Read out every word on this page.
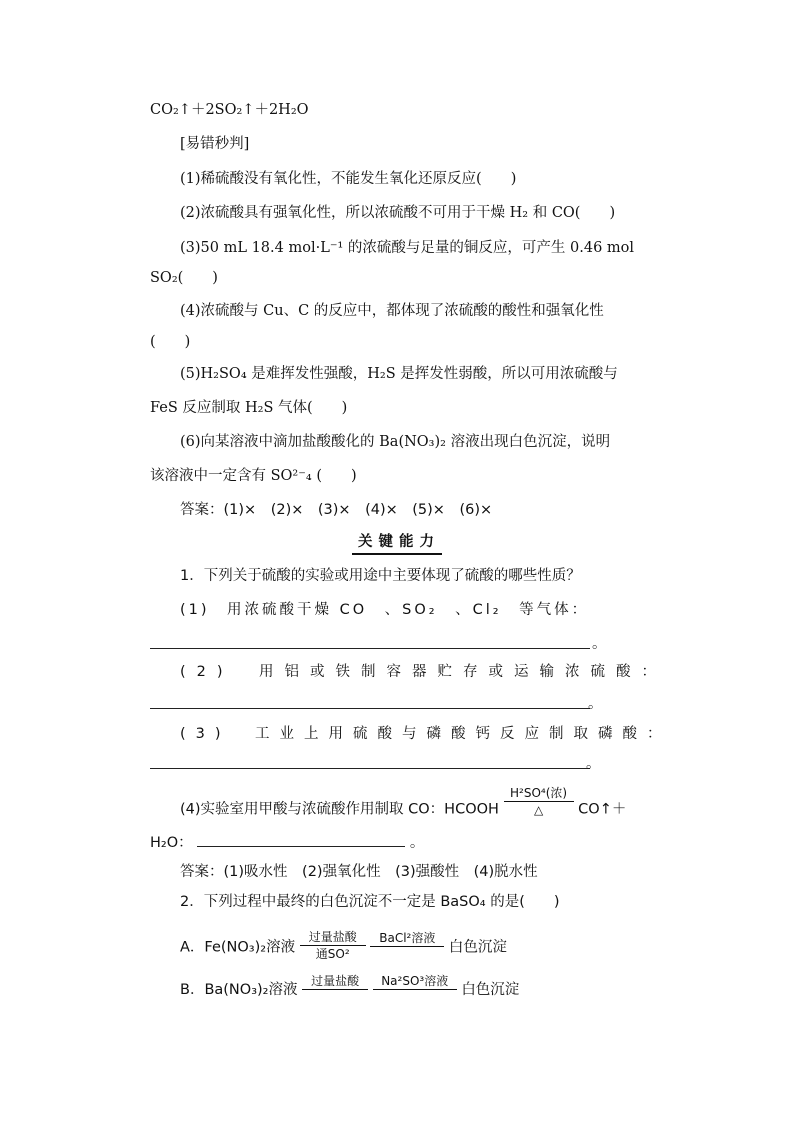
CO₂↑＋2SO₂↑＋2H₂O
[易错秒判]
(1)稀硫酸没有氧化性，不能发生氧化还原反应(　　)
(2)浓硫酸具有强氧化性，所以浓硫酸不可用于干燥 H₂ 和 CO(　　)
(3)50 mL 18.4 mol·L⁻¹ 的浓硫酸与足量的铜反应，可产生 0.46 mol
SO₂(　　)
(4)浓硫酸与 Cu、C 的反应中，都体现了浓硫酸的酸性和强氧化性
(　　)
(5)H₂SO₄ 是难挥发性强酸，H₂S 是挥发性弱酸，所以可用浓硫酸与
FeS 反应制取 H₂S 气体(　　)
(6)向某溶液中滴加盐酸酸化的 Ba(NO₃)₂ 溶液出现白色沉淀，说明
该溶液中一定含有 SO²⁻₄ (　　)
答案：(1)×　(2)×　(3)×　(4)×　(5)×　(6)×
关键能力
1．下列关于硫酸的实验或用途中主要体现了硫酸的哪些性质？
(1)　用浓硫酸干燥 CO　、SO₂　、Cl₂　等气体：
。
(2)　用铝或铁制容器贮存或运输浓硫酸：
。
(3)　工业上用硫酸与磷酸钙反应制取磷酸：
。
(4)实验室用甲酸与浓硫酸作用制取 CO：HCOOH
H²SO⁴(浓)
△	CO↑＋
H₂O：	。
答案：(1)吸水性　(2)强氧化性　(3)强酸性　(4)脱水性
2．下列过程中最终的白色沉淀不一定是 BaSO₄ 的是(　　)
A．Fe(NO₃)₂溶液
过量盐酸
通SO²

BaCl²溶液
白色沉淀
B．Ba(NO₃)₂溶液
过量盐酸
	Na²SO³溶液
白色沉淀
